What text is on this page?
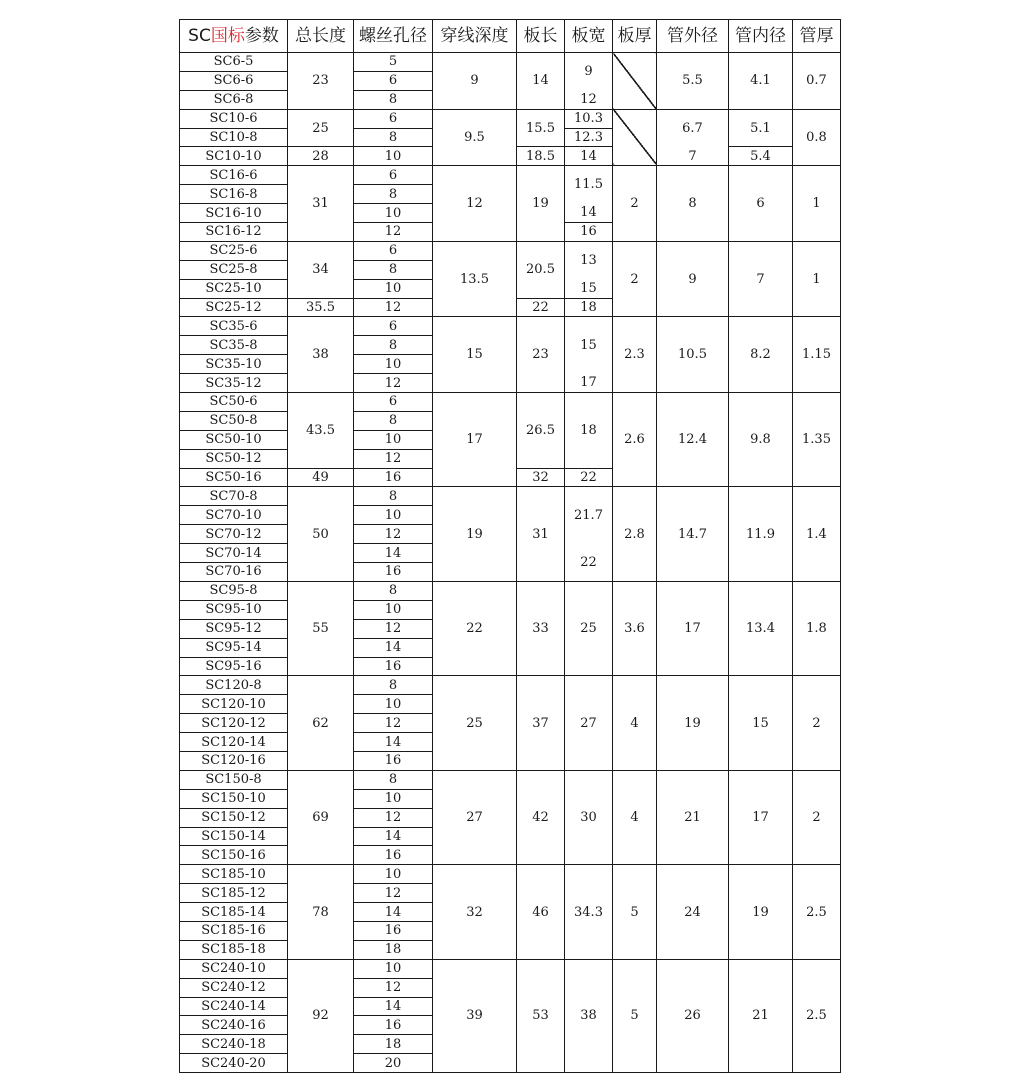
SC国标参数	总长度	螺丝孔径	穿线深度	板长	板宽	板厚	管外径	管内径	管厚
SC6-5	23	5	9	14	9		5.5	4.1	0.7
SC6-6		6							
SC6-8		8			12				
SC10-6	25	6	9.5	15.5	10.3		6.7	5.1	0.8
SC10-8		8			12.3				
SC10-10	28	10		18.5	14		7	5.4	
SC16-6	31	6	12	19	11.5	2	8	6	1
SC16-8		8							
SC16-10		10			14				
SC16-12		12			16				
SC25-6	34	6	13.5	20.5	13	2	9	7	1
SC25-8		8							
SC25-10		10			15				
SC25-12	35.5	12		22	18				
SC35-6	38	6	15	23	15	2.3	10.5	8.2	1.15
SC35-8		8							
SC35-10		10							
SC35-12		12			17				
SC50-6	43.5	6	17	26.5	18	2.6	12.4	9.8	1.35
SC50-8		8							
SC50-10		10							
SC50-12		12							
SC50-16	49	16		32	22				
SC70-8	50	8	19	31	21.7	2.8	14.7	11.9	1.4
SC70-10		10							
SC70-12		12							
SC70-14		14			22				
SC70-16		16							
SC95-8	55	8	22	33	25	3.6	17	13.4	1.8
SC95-10		10							
SC95-12		12							
SC95-14		14							
SC95-16		16							
SC120-8	62	8	25	37	27	4	19	15	2
SC120-10		10							
SC120-12		12							
SC120-14		14							
SC120-16		16							
SC150-8	69	8	27	42	30	4	21	17	2
SC150-10		10							
SC150-12		12							
SC150-14		14							
SC150-16		16							
SC185-10	78	10	32	46	34.3	5	24	19	2.5
SC185-12		12							
SC185-14		14							
SC185-16		16							
SC185-18		18							
SC240-10	92	10	39	53	38	5	26	21	2.5
SC240-12		12							
SC240-14		14							
SC240-16		16							
SC240-18		18							
SC240-20		20							
